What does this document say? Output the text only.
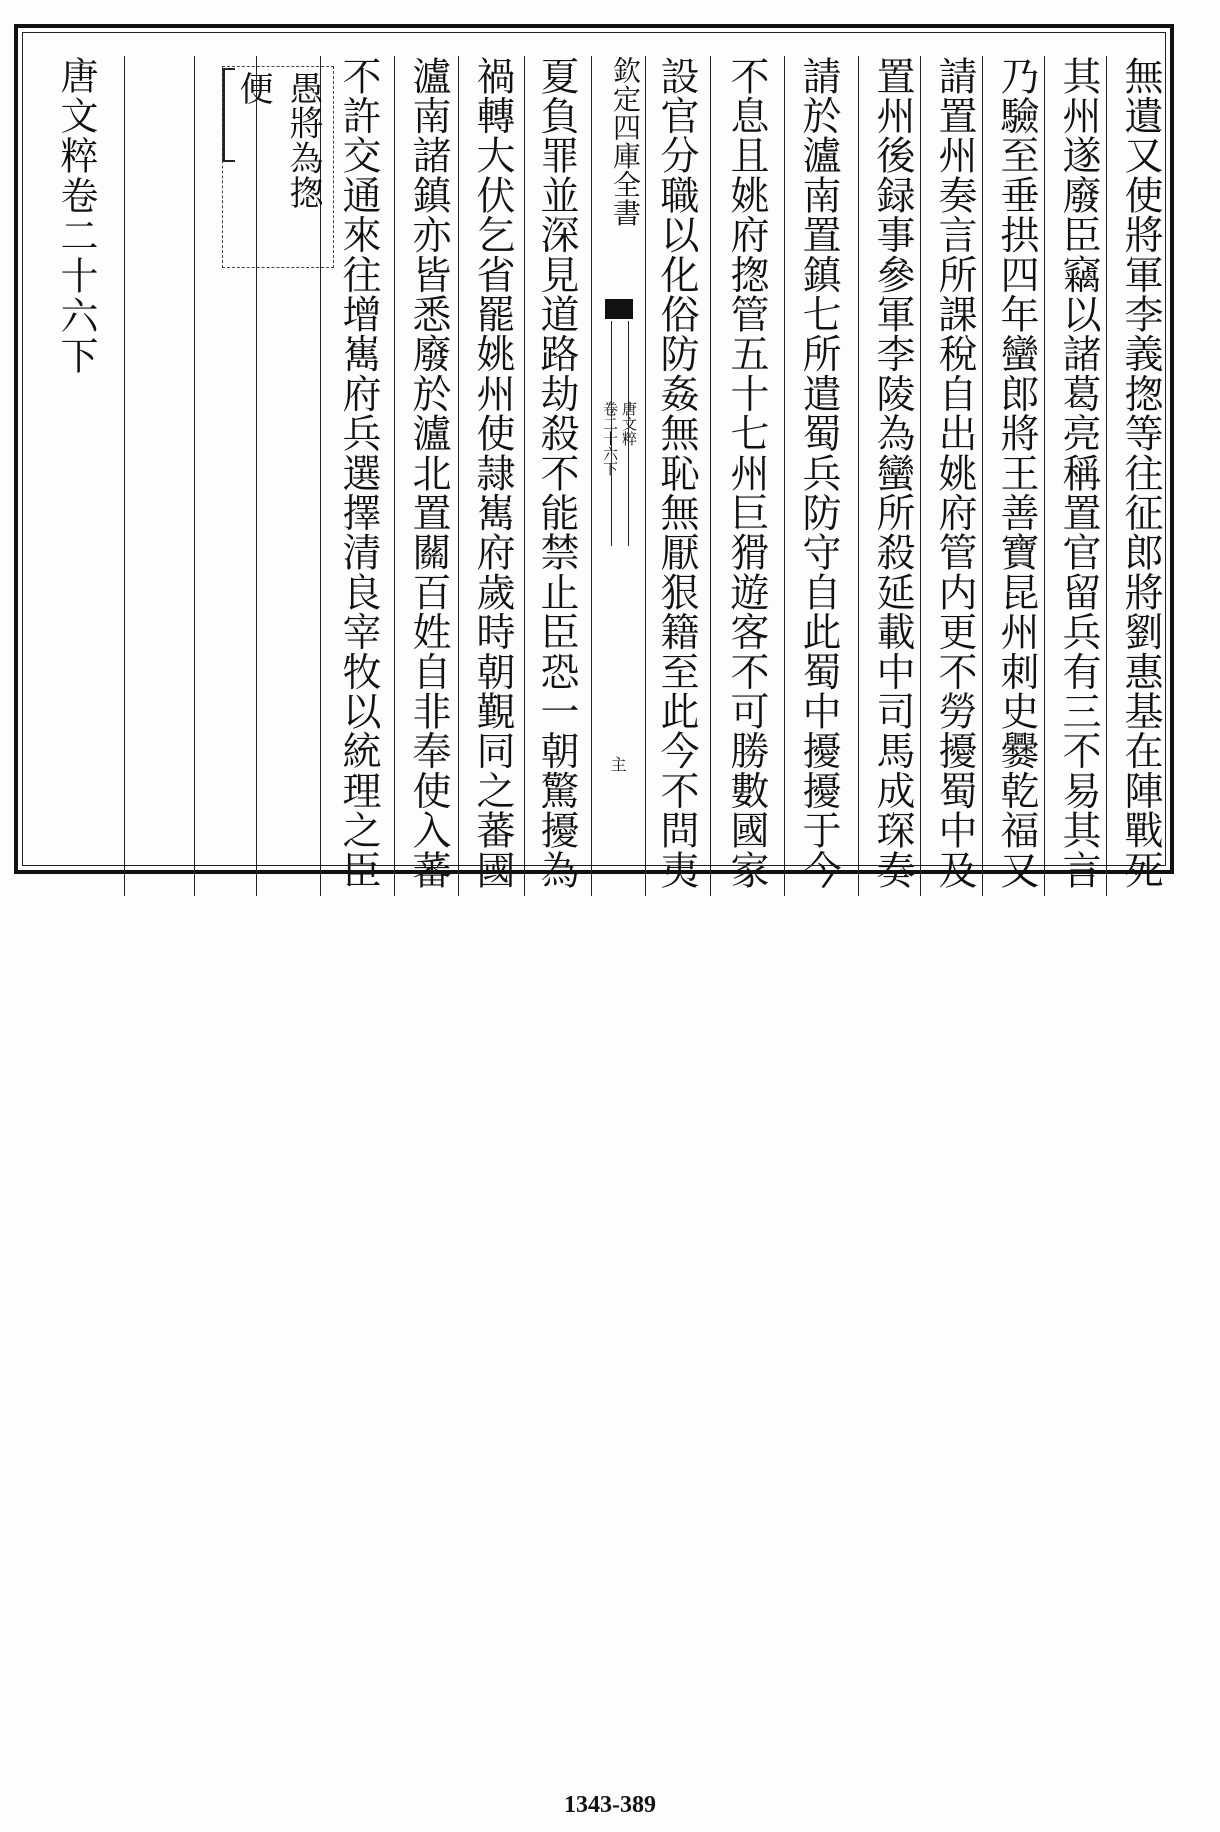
無遺又使將軍李義揔等往征郎將劉惠基在陣戰死
其州遂廢臣竊以諸葛亮稱置官留兵有三不易其言
乃驗至垂拱四年蠻郎將王善寶昆州刺史爨乾福又
請置州奏言所課稅自出姚府管内更不勞擾蜀中及
置州後録事參軍李陵為蠻所殺延載中司馬成琛奏
請於瀘南置鎮七所遣蜀兵防守自此蜀中擾擾于今
不息且姚府揔管五十七州巨猾遊客不可勝數國家
設官分職以化俗防姦無恥無厭狠籍至此今不問夷
欽定四庫全書
唐文粹
卷二十六下
主
夏負罪並深見道路劫殺不能禁止臣恐一朝驚擾為
禍轉大伏乞省罷姚州使隷嶲府歲時朝覲同之蕃國
瀘南諸鎮亦皆悉廢於瀘北置關百姓自非奉使入蕃
不許交通來往增嶲府兵選擇清良宰牧以統理之臣
愚將為揔
便
唐文粹卷二十六下
1343-389
